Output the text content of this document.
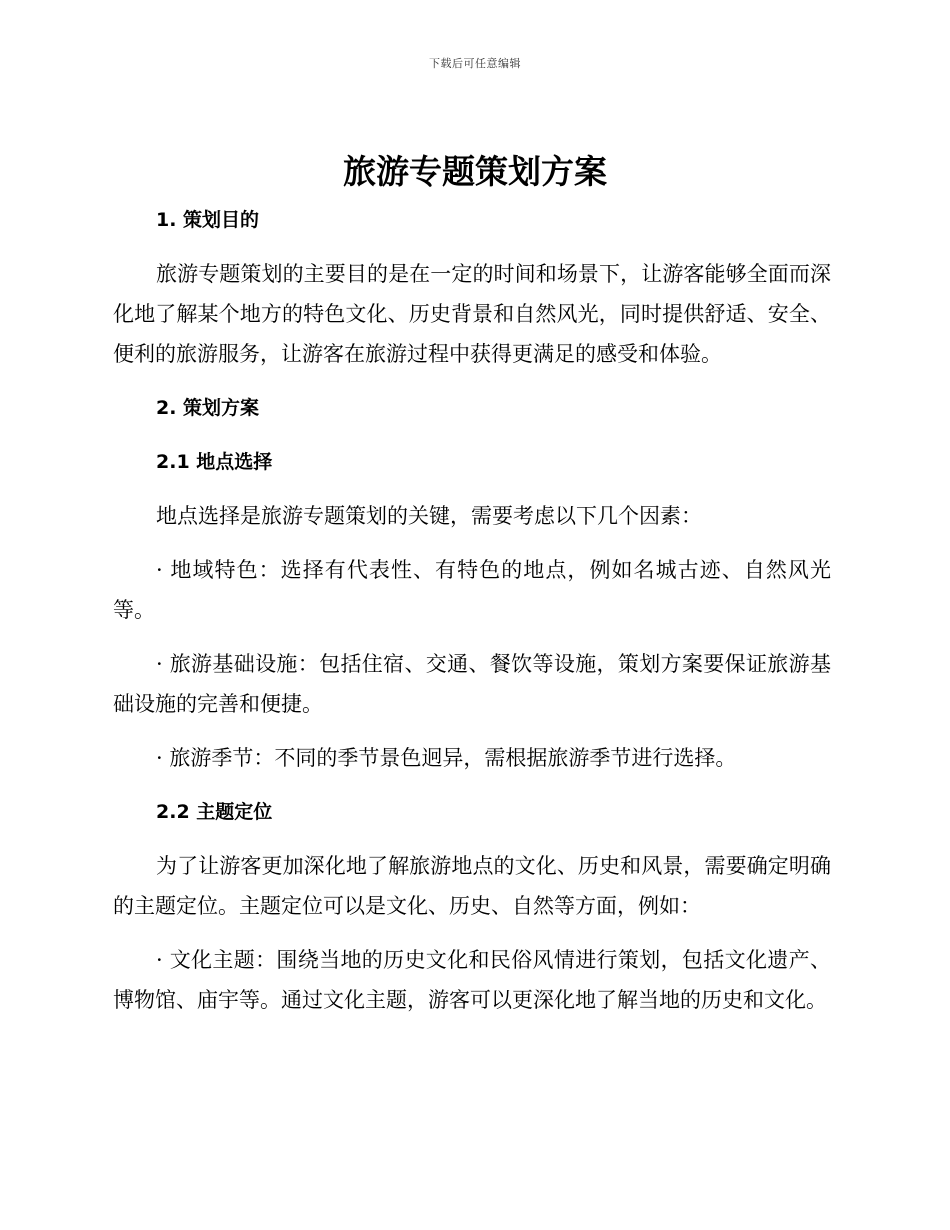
下载后可任意编辑
旅游专题策划方案
1. 策划目的

旅游专题策划的主要目的是在一定的时间和场景下，让游客能够全面而深化地了解某个地方的特色文化、历史背景和自然风光，同时提供舒适、安全、便利的旅游服务，让游客在旅游过程中获得更满足的感受和体验。

2. 策划方案
2.1 地点选择

地点选择是旅游专题策划的关键，需要考虑以下几个因素：

· 地域特色：选择有代表性、有特色的地点，例如名城古迹、自然风光等。

· 旅游基础设施：包括住宿、交通、餐饮等设施，策划方案要保证旅游基础设施的完善和便捷。

· 旅游季节：不同的季节景色迥异，需根据旅游季节进行选择。

2.2 主题定位

为了让游客更加深化地了解旅游地点的文化、历史和风景，需要确定明确的主题定位。主题定位可以是文化、历史、自然等方面，例如：

· 文化主题：围绕当地的历史文化和民俗风情进行策划，包括文化遗产、博物馆、庙宇等。通过文化主题，游客可以更深化地了解当地的历史和文化。
